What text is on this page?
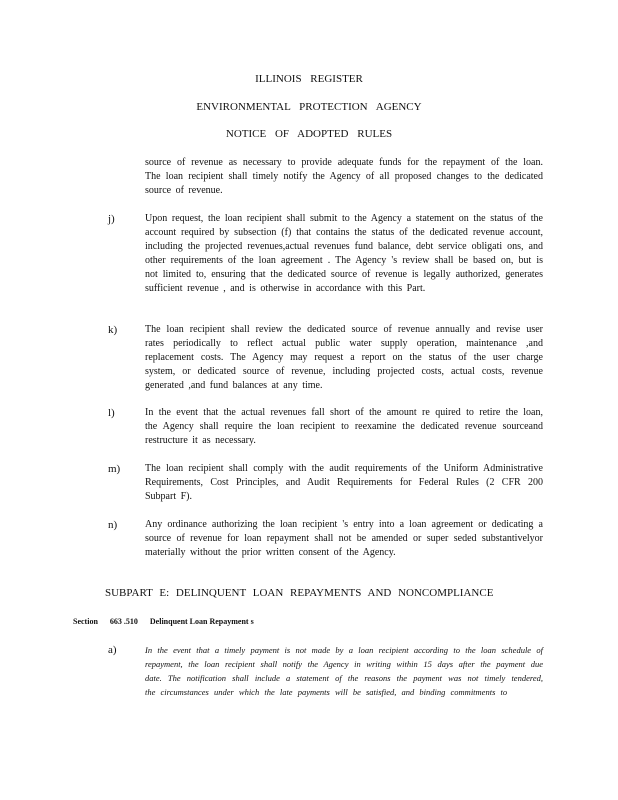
ILLINOIS REGISTER
ENVIRONMENTAL PROTECTION AGENCY
NOTICE OF ADOPTED RULES
source of revenue as necessary to provide adequate funds for the repayment of the loan. The loan recipient shall timely notify the Agency of all proposed changes to the dedicated source of revenue.
j)	Upon request, the loan recipient shall submit to the Agency a statement on the status of the account required by subsection (f) that contains the status of the dedicated revenue account, including the projected revenues,actual revenues fund balance, debt service obligati ons, and other requirements of the loan agreement . The Agency 's review shall be based on, but is not limited to, ensuring that the dedicated source of revenue is legally authorized, generates sufficient revenue , and is otherwise in accordance with this Part.
k)	The loan recipient shall review the dedicated source of revenue annually and revise user rates periodically to reflect actual public water supply operation, maintenance ,and replacement costs. The Agency may request a report on the status of the user charge system, or dedicated source of revenue, including projected costs, actual costs, revenue generated ,and fund balances at any time.
l)	In the event that the actual revenues fall short of the amount re quired to retire the loan, the Agency shall require the loan recipient to reexamine the dedicated revenue sourceand restructure it as necessary.
m) The loan recipient shall comply with the audit requirements of the Uniform Administrative Requirements, Cost Principles, and Audit Requirements for Federal Rules (2 CFR 200 Subpart F).
n)	Any ordinance authorizing the loan recipient 's entry into a loan agreement or dedicating a source of revenue for loan repayment shall not be amended or super seded substantivelyor materially without the prior written consent of the Agency.
SUBPART E: DELINQUENT LOAN REPAYMENTS AND NONCOMPLIANCE
Section 663 .510 Delinquent Loan Repayment s
a)	In the event that a timely payment is not made by a loan recipient according to the loan schedule of repayment, the loan recipient shall notify the Agency in writing within 15 days after the payment due date. The notification shall include a statement of the reasons the payment was not timely tendered, the circumstances under which the late payments will be satisfied, and binding commitments to
